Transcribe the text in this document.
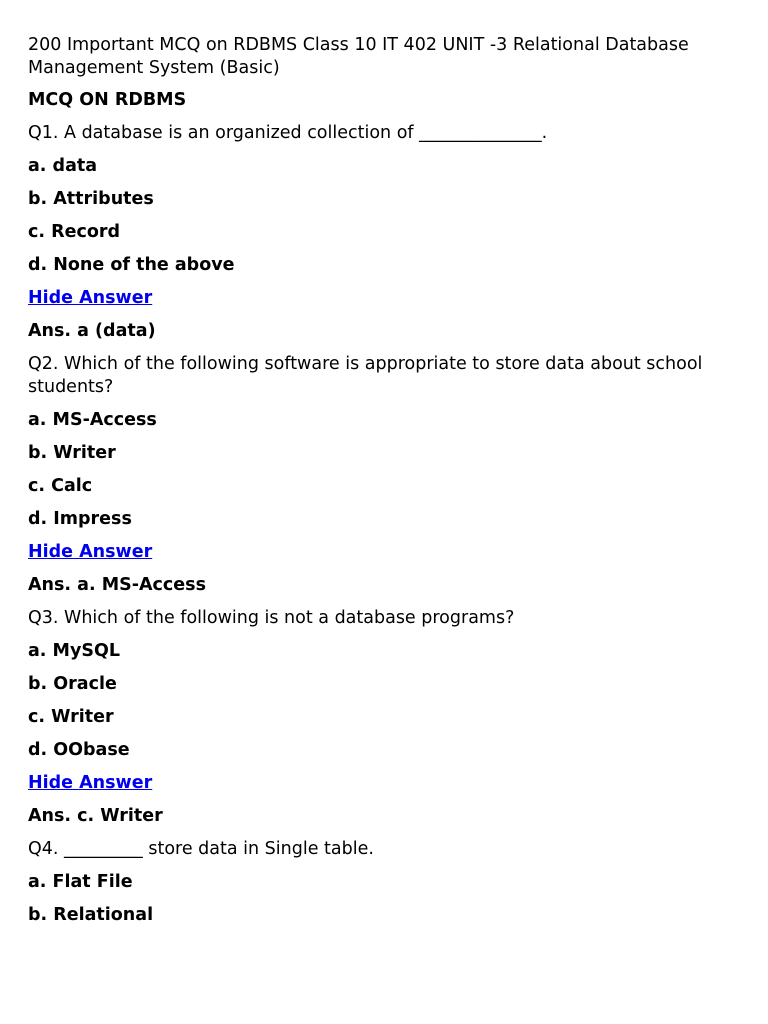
200 Important MCQ on RDBMS Class 10 IT 402 UNIT -3 Relational Database Management System (Basic)
MCQ ON RDBMS
Q1. A database is an organized collection of ______________.
a. data
b. Attributes
c. Record
d. None of the above
Hide Answer
Ans. a (data)
Q2. Which of the following software is appropriate to store data about school students?
a. MS-Access
b. Writer
c. Calc
d. Impress
Hide Answer
Ans. a. MS-Access
Q3. Which of the following is not a database programs?
a. MySQL
b. Oracle
c. Writer
d. OObase
Hide Answer
Ans. c. Writer
Q4. _________ store data in Single table.
a. Flat File
b. Relational
